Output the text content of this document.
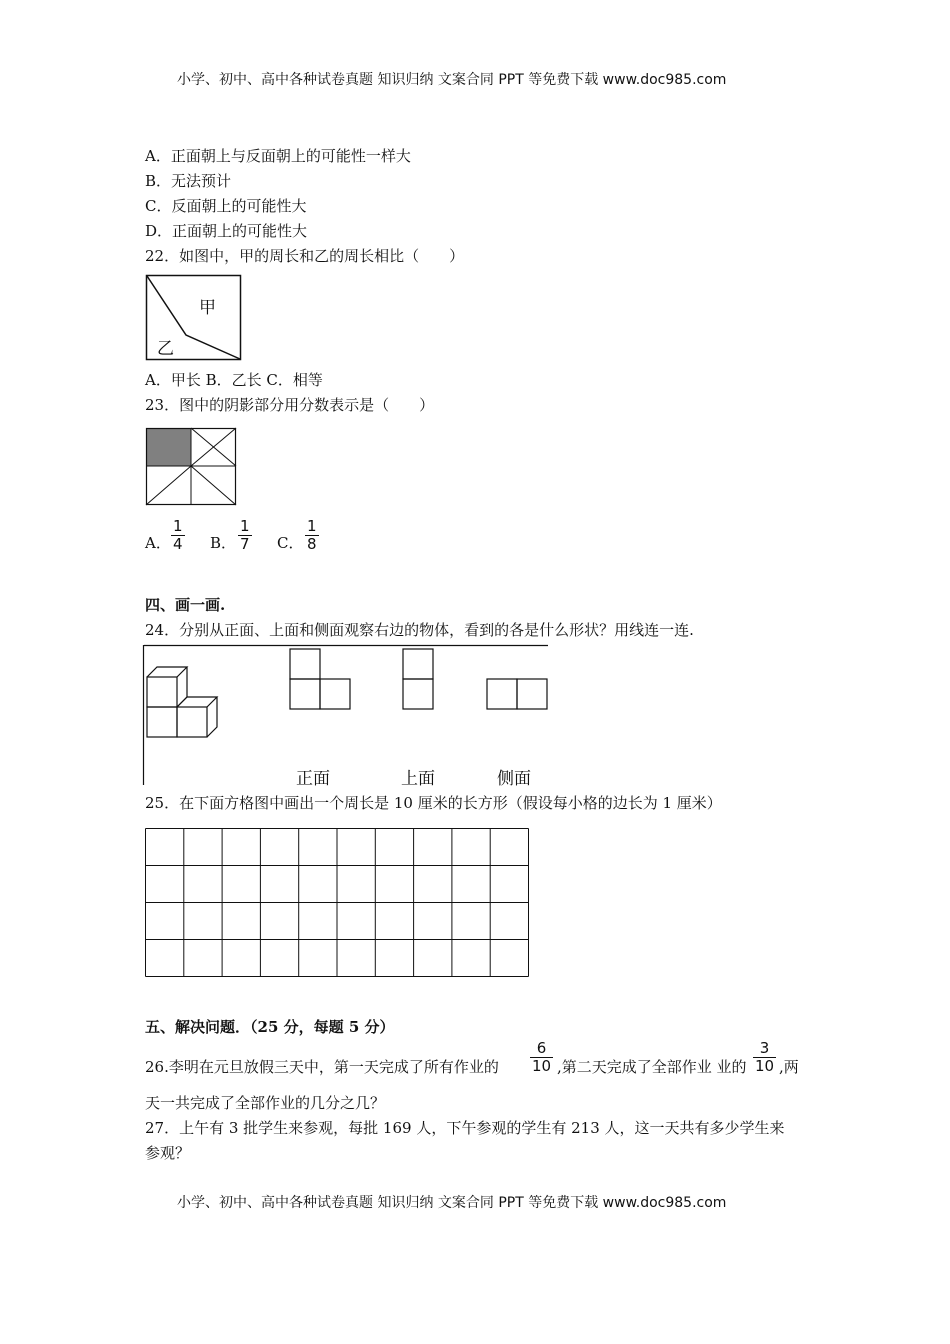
小学、初中、高中各种试卷真题 知识归纳 文案合同 PPT 等免费下载 www.doc985.com
A．正面朝上与反面朝上的可能性一样大
B．无法预计
C．反面朝上的可能性大
D．正面朝上的可能性大
22．如图中，甲的周长和乙的周长相比（　　）
甲
乙
A．甲长 B．乙长 C．相等
23．图中的阴影部分用分数表示是（　　）
A．
1
4 B．
1
7 C．
1
8
四、画一画.
24．分别从正面、上面和侧面观察右边的物体，看到的各是什么形状？用线连一连.
正面	上面	侧面
25．在下面方格图中画出一个周长是 10 厘米的长方形（假设每小格的边长为 1 厘米）
五、解决问题．（25 分，每题 5 分）
26.李明在元旦放假三天中，第一天完成了所有作业的
6
10 ,第二天完成了全部作业 业的
3
10 ,两
天一共完成了全部作业的几分之几？
27．上午有 3 批学生来参观，每批 169 人，下午参观的学生有 213 人，这一天共有多少学生来
参观？
小学、初中、高中各种试卷真题 知识归纳 文案合同 PPT 等免费下载 www.doc985.com
